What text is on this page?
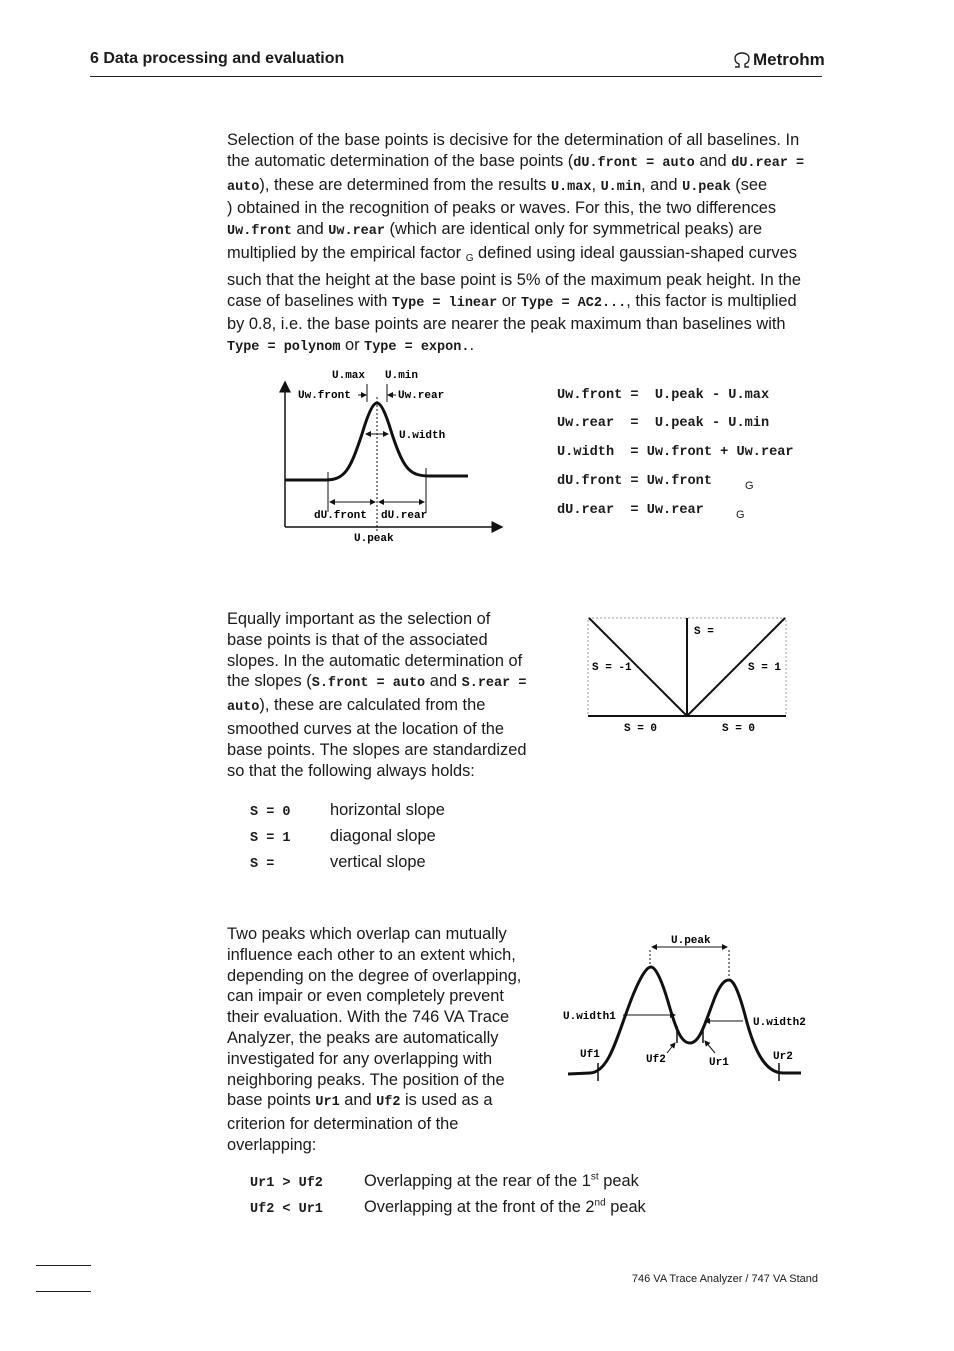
6 Data processing and evaluation	Metrohm

Selection of the base points is decisive for the determination of all baselines. In the automatic determination of the base points (dU.front = auto and dU.rear = auto), these are determined from the results U.max, U.min, and U.peak (see                 ) obtained in the recognition of peaks or waves. For this, the two differences Uw.front and Uw.rear (which are identical only for symmetrical peaks) are multiplied by the empirical factor G defined using ideal gaussian-shaped curves such that the height at the base point is 5% of the maximum peak height. In the case of baselines with Type = linear or Type = AC2..., this factor is multiplied by 0.8, i.e. the base points are nearer the peak maximum than baselines with Type = polynom or Type = expon..

U.max U.min
Uw.front	Uw.rear
U.width
dU.front dU.rear
U.peak
Uw.front =  U.peak - U.max
Uw.rear  =  U.peak - U.min
U.width  = Uw.front + Uw.rear
dU.front = Uw.front	G
dU.rear  = Uw.rear	G

Equally important as the selection of base points is that of the associated slopes. In the automatic determination of the slopes (S.front = auto and S.rear = auto), these are calculated from the smoothed curves at the location of the base points. The slopes are standardized so that the following always holds:

S = 0 horizontal slope
S = 1 diagonal slope
S =	vertical slope
S =
S = -1	S = 1
S = 0	S = 0

Two peaks which overlap can mutually influence each other to an extent which, depending on the degree of overlapping, can impair or even completely prevent their evaluation. With the 746 VA Trace Analyzer, the peaks are automatically investigated for any overlapping with neighboring peaks. The position of the base points Ur1 and Uf2 is used as a criterion for determination of the overlapping:

U.peak
U.width1	U.width2
Uf1	Uf2	Ur1	Ur2
Ur1 > Uf2	Overlapping at the rear of the 1st peak
Uf2 < Ur1	Overlapping at the front of the 2nd peak
746 VA Trace Analyzer / 747 VA Stand
